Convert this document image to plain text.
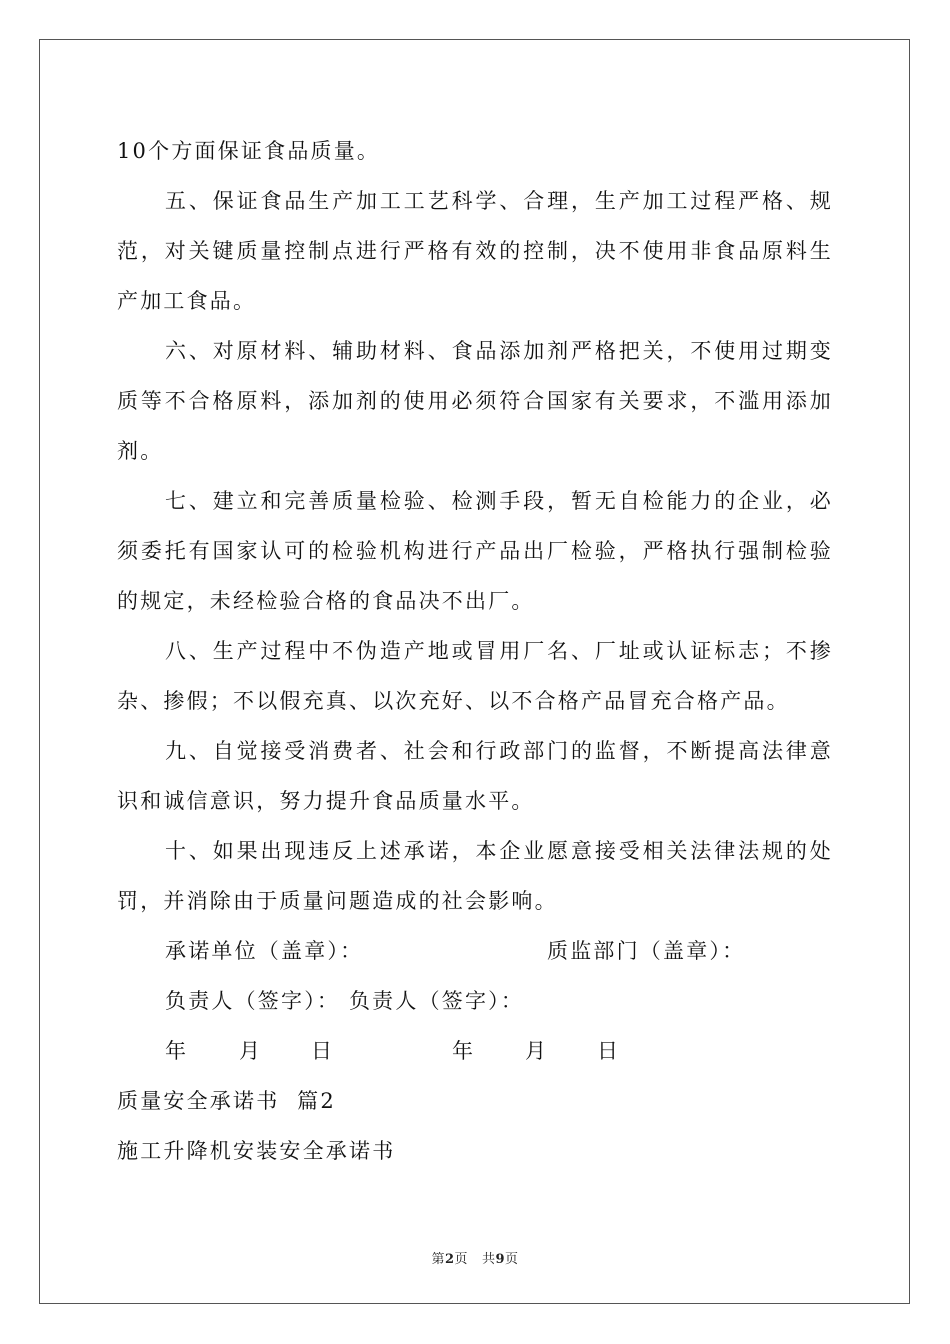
10个方面保证食品质量。

五、保证食品生产加工工艺科学、合理，生产加工过程严格、规范，对关键质量控制点进行严格有效的控制，决不使用非食品原料生产加工食品。

六、对原材料、辅助材料、食品添加剂严格把关，不使用过期变质等不合格原料，添加剂的使用必须符合国家有关要求，不滥用添加剂。

七、建立和完善质量检验、检测手段，暂无自检能力的企业，必须委托有国家认可的检验机构进行产品出厂检验，严格执行强制检验的规定，未经检验合格的食品决不出厂。

八、生产过程中不伪造产地或冒用厂名、厂址或认证标志；不掺杂、掺假；不以假充真、以次充好、以不合格产品冒充合格产品。

九、自觉接受消费者、社会和行政部门的监督，不断提高法律意识和诚信意识，努力提升食品质量水平。

十、如果出现违反上述承诺，本企业愿意接受相关法律法规的处罚，并消除由于质量问题造成的社会影响。

承诺单位（盖章）：	质监部门（盖章）：
负责人（签字）： 负责人（签字）：
年 月 日	年 月 日

质量安全承诺书  篇2

施工升降机安装安全承诺书

第2页   共9页
